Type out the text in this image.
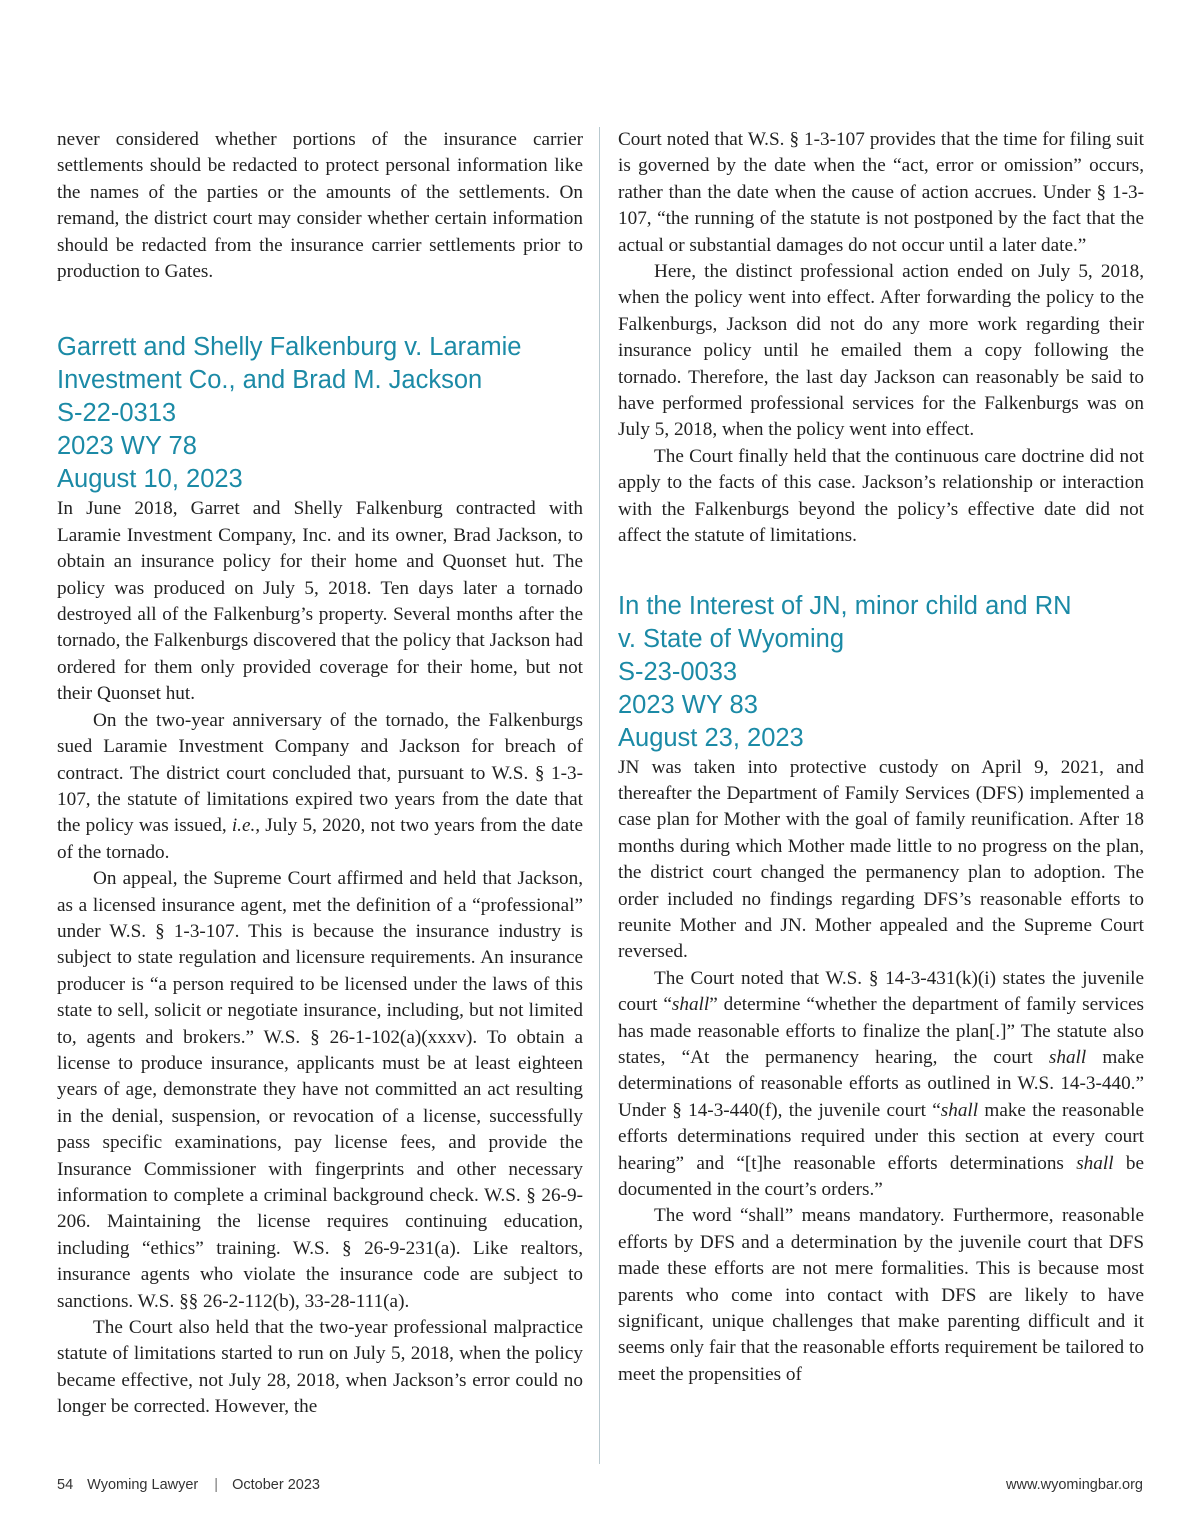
never considered whether portions of the insurance carrier settlements should be redacted to protect personal information like the names of the parties or the amounts of the settlements. On remand, the district court may consider whether certain information should be redacted from the insurance carrier settlements prior to production to Gates.

Garrett and Shelly Falkenburg v. Laramie
Investment Co., and Brad M. Jackson
S-22-0313
2023 WY 78
August 10, 2023

In June 2018, Garret and Shelly Falkenburg contracted with Laramie Investment Company, Inc. and its owner, Brad Jackson, to obtain an insurance policy for their home and Quonset hut. The policy was produced on July 5, 2018. Ten days later a tornado destroyed all of the Falkenburg’s property. Several months after the tornado, the Falkenburgs discovered that the policy that Jackson had ordered for them only provided coverage for their home, but not their Quonset hut.

On the two-year anniversary of the tornado, the Falkenburgs sued Laramie Investment Company and Jackson for breach of contract. The district court concluded that, pursuant to W.S. § 1-3-107, the statute of limitations expired two years from the date that the policy was issued, i.e., July 5, 2020, not two years from the date of the tornado.

On appeal, the Supreme Court affirmed and held that Jackson, as a licensed insurance agent, met the definition of a “professional” under W.S. § 1-3-107. This is because the insurance industry is subject to state regulation and licensure requirements. An insurance producer is “a person required to be licensed under the laws of this state to sell, solicit or negotiate insurance, including, but not limited to, agents and brokers.” W.S. § 26-1-102(a)(xxxv). To obtain a license to produce insurance, applicants must be at least eighteen years of age, demonstrate they have not committed an act resulting in the denial, suspension, or revocation of a license, successfully pass specific examinations, pay license fees, and provide the Insurance Commissioner with fingerprints and other necessary information to complete a criminal background check. W.S. § 26-9-206. Maintaining the license requires continuing education, including “ethics” training. W.S. § 26-9-231(a). Like realtors, insurance agents who violate the insurance code are subject to sanctions. W.S. §§ 26-2-112(b), 33-28-111(a).

The Court also held that the two-year professional malpractice statute of limitations started to run on July 5, 2018, when the policy became effective, not July 28, 2018, when Jackson’s error could no longer be corrected. However, the

Court noted that W.S. § 1-3-107 provides that the time for filing suit is governed by the date when the “act, error or omission” occurs, rather than the date when the cause of action accrues. Under § 1-3-107, “the running of the statute is not postponed by the fact that the actual or substantial damages do not occur until a later date.”

Here, the distinct professional action ended on July 5, 2018, when the policy went into effect. After forwarding the policy to the Falkenburgs, Jackson did not do any more work regarding their insurance policy until he emailed them a copy following the tornado. Therefore, the last day Jackson can reasonably be said to have performed professional services for the Falkenburgs was on July 5, 2018, when the policy went into effect.

The Court finally held that the continuous care doctrine did not apply to the facts of this case. Jackson’s relationship or interaction with the Falkenburgs beyond the policy’s effective date did not affect the statute of limitations.

In the Interest of JN, minor child and RN
v. State of Wyoming
S-23-0033
2023 WY 83
August 23, 2023

JN was taken into protective custody on April 9, 2021, and thereafter the Department of Family Services (DFS) implemented a case plan for Mother with the goal of family reunification. After 18 months during which Mother made little to no progress on the plan, the district court changed the permanency plan to adoption. The order included no findings regarding DFS’s reasonable efforts to reunite Mother and JN. Mother appealed and the Supreme Court reversed.

The Court noted that W.S. § 14-3-431(k)(i) states the juvenile court “shall” determine “whether the department of family services has made reasonable efforts to finalize the plan[.]” The statute also states, “At the permanency hearing, the court shall make determinations of reasonable efforts as outlined in W.S. 14-3-440.” Under § 14-3-440(f), the juvenile court “shall make the reasonable efforts determinations required under this section at every court hearing” and “[t]he reasonable efforts determinations shall be documented in the court’s orders.”

The word “shall” means mandatory. Furthermore, reasonable efforts by DFS and a determination by the juvenile court that DFS made these efforts are not mere formalities. This is because most parents who come into contact with DFS are likely to have significant, unique challenges that make parenting difficult and it seems only fair that the reasonable efforts requirement be tailored to meet the propensities of

54 Wyoming Lawyer | October 2023	www.wyomingbar.org
